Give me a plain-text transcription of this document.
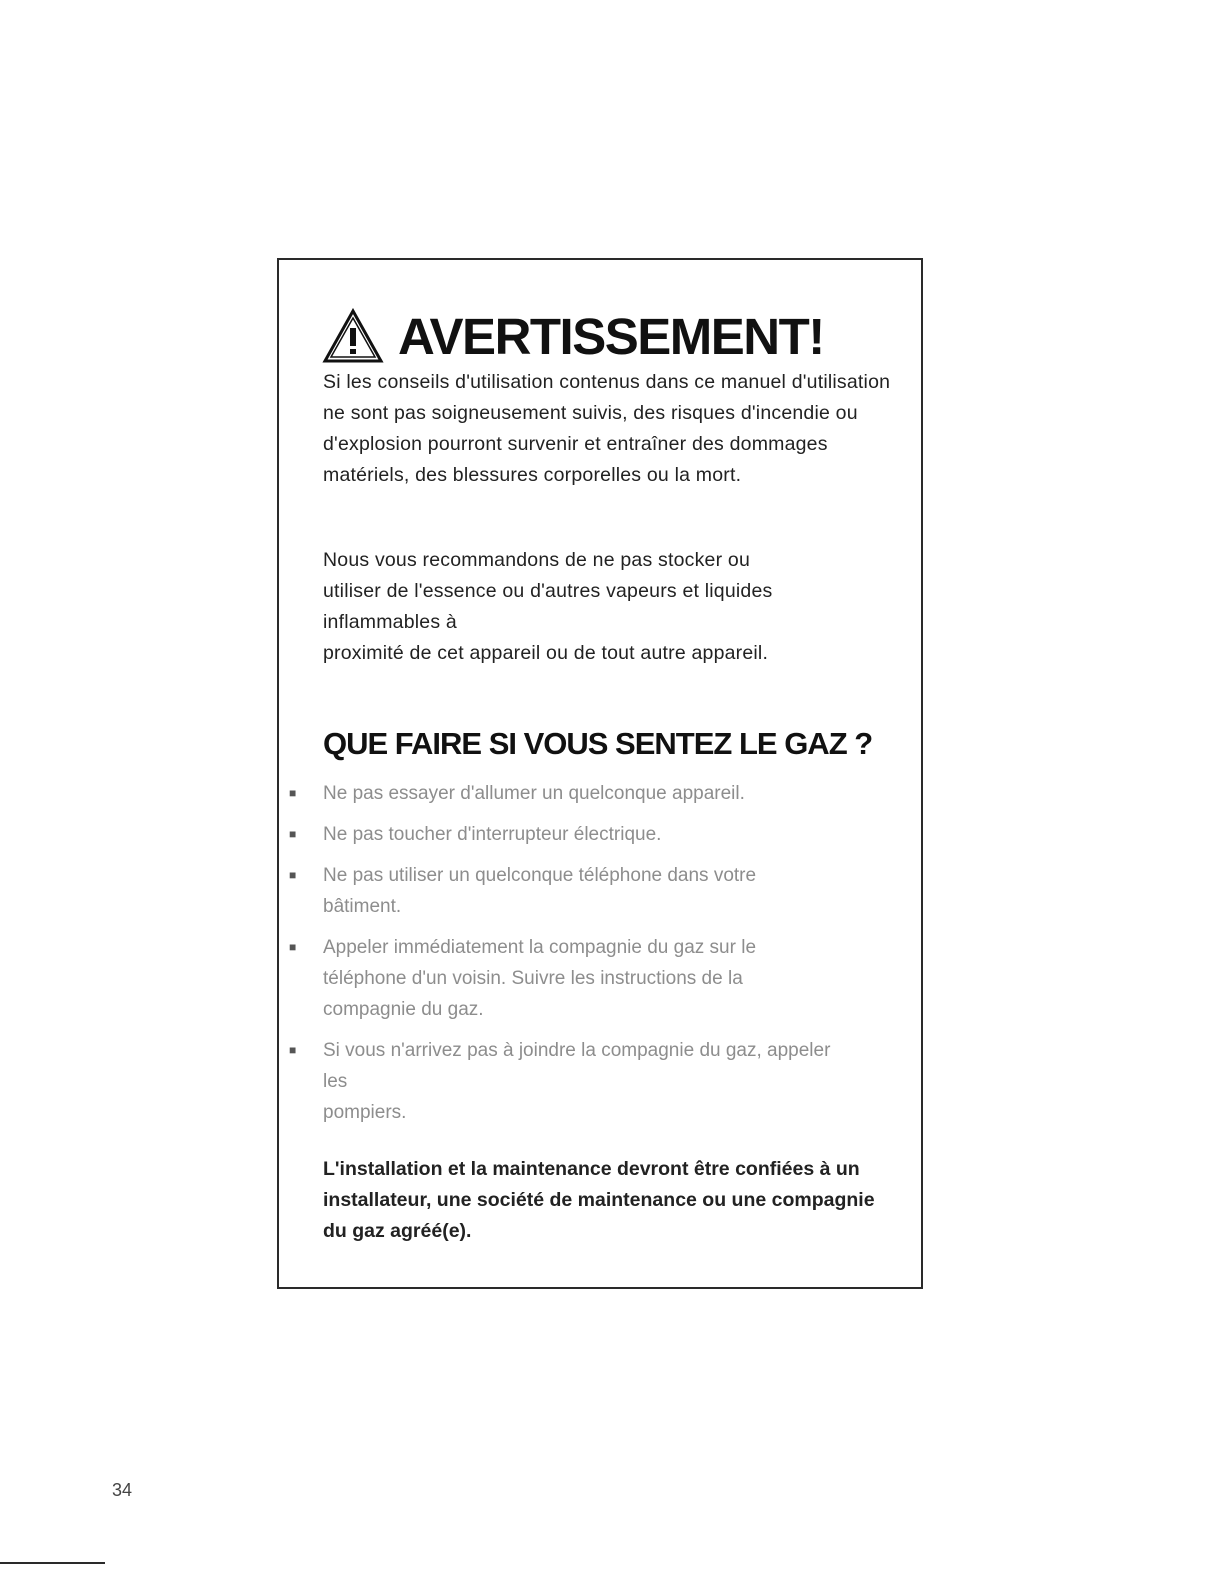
AVERTISSEMENT!
Si les conseils d'utilisation contenus dans ce manuel d'utilisation ne sont pas soigneusement suivis, des risques d'incendie ou d'explosion pourront survenir et entraîner des dommages matériels, des blessures corporelles ou la mort.
Nous vous recommandons de ne pas stocker ou
utiliser de l'essence ou d'autres vapeurs et liquides
inflammables à
proximité de cet appareil ou de tout autre appareil.
QUE FAIRE SI VOUS SENTEZ LE GAZ ?
■ Ne pas essayer d'allumer un quelconque appareil.
■ Ne pas toucher d'interrupteur électrique.
■ Ne pas utiliser un quelconque téléphone dans votre
bâtiment.
■ Appeler immédiatement la compagnie du gaz sur le
téléphone d'un voisin. Suivre les instructions de la
compagnie du gaz.
■ Si vous n'arrivez pas à joindre la compagnie du gaz, appeler
les
pompiers.
L'installation et la maintenance devront être confiées à un installateur, une société de maintenance ou une compagnie du gaz agréé(e).
34
